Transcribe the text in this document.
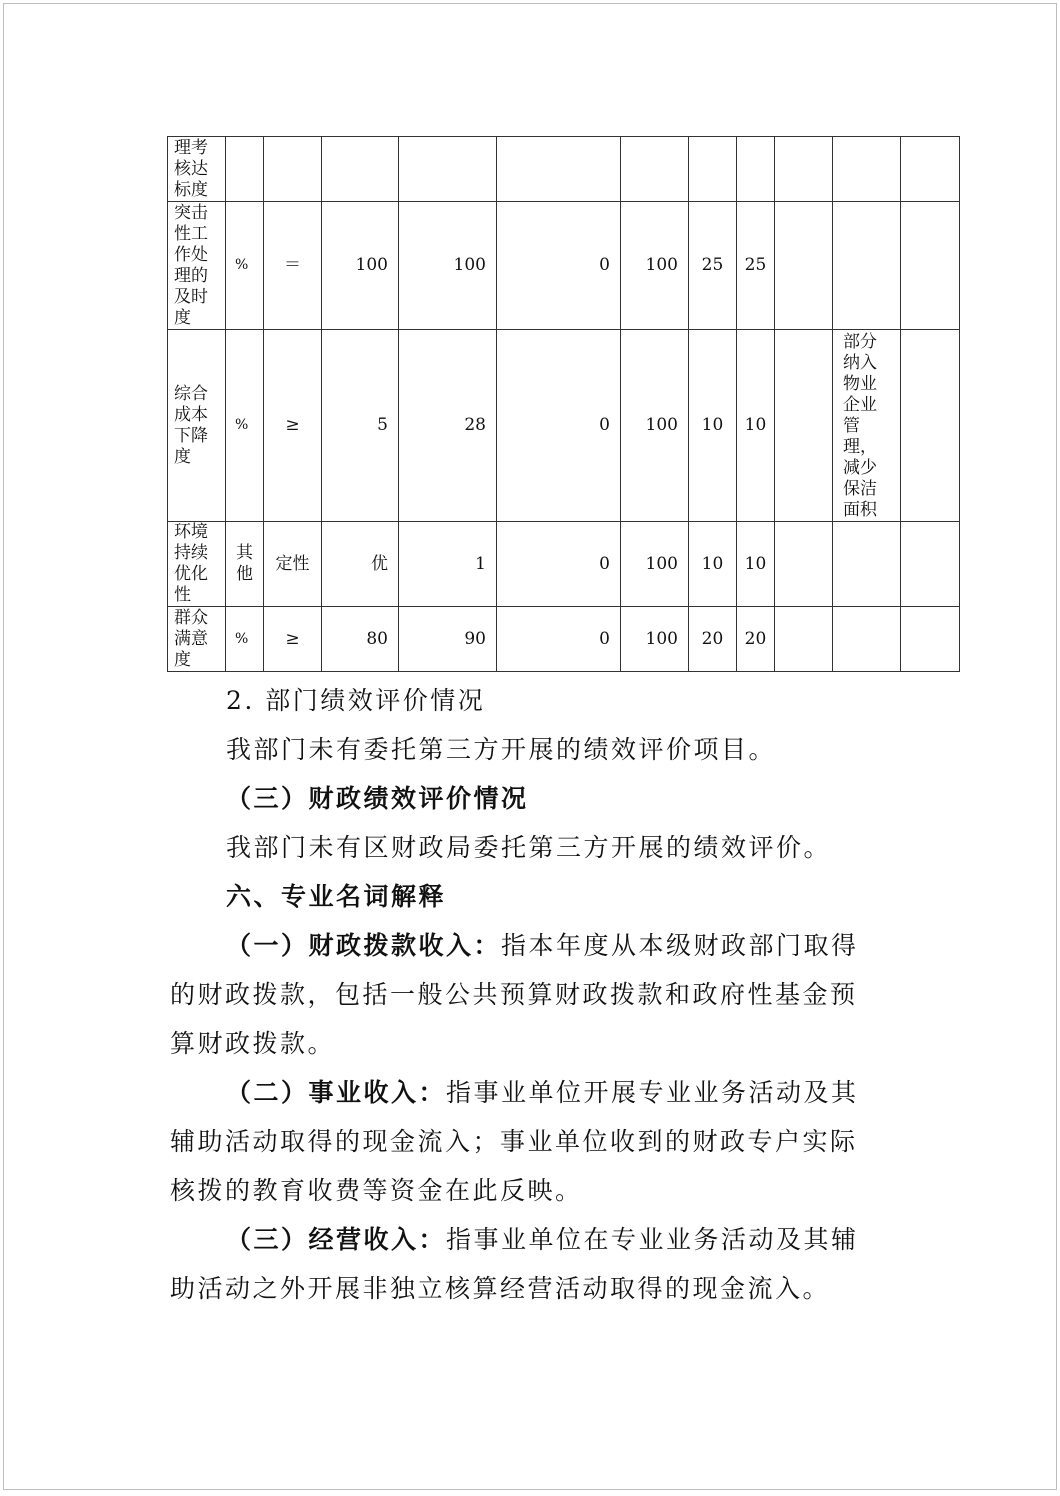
理考核达标度											

突击性工作处理的及时度	%	＝	100	100	0	100	25	25			

综合成本下降度	%	≥	5	28	0	100	10	10		部分纳入物业企业管理，减少保洁面积	

环境持续优化性	其他	定性	优	1	0	100	10	10			

群众满意度	%	≥	80	90	0	100	20	20			

2. 部门绩效评价情况

我部门未有委托第三方开展的绩效评价项目。

（三）财政绩效评价情况

我部门未有区财政局委托第三方开展的绩效评价。

六、专业名词解释

（一）财政拨款收入：指本年度从本级财政部门取得的财政拨款，包括一般公共预算财政拨款和政府性基金预算财政拨款。

（二）事业收入：指事业单位开展专业业务活动及其辅助活动取得的现金流入；事业单位收到的财政专户实际核拨的教育收费等资金在此反映。

（三）经营收入：指事业单位在专业业务活动及其辅助活动之外开展非独立核算经营活动取得的现金流入。
